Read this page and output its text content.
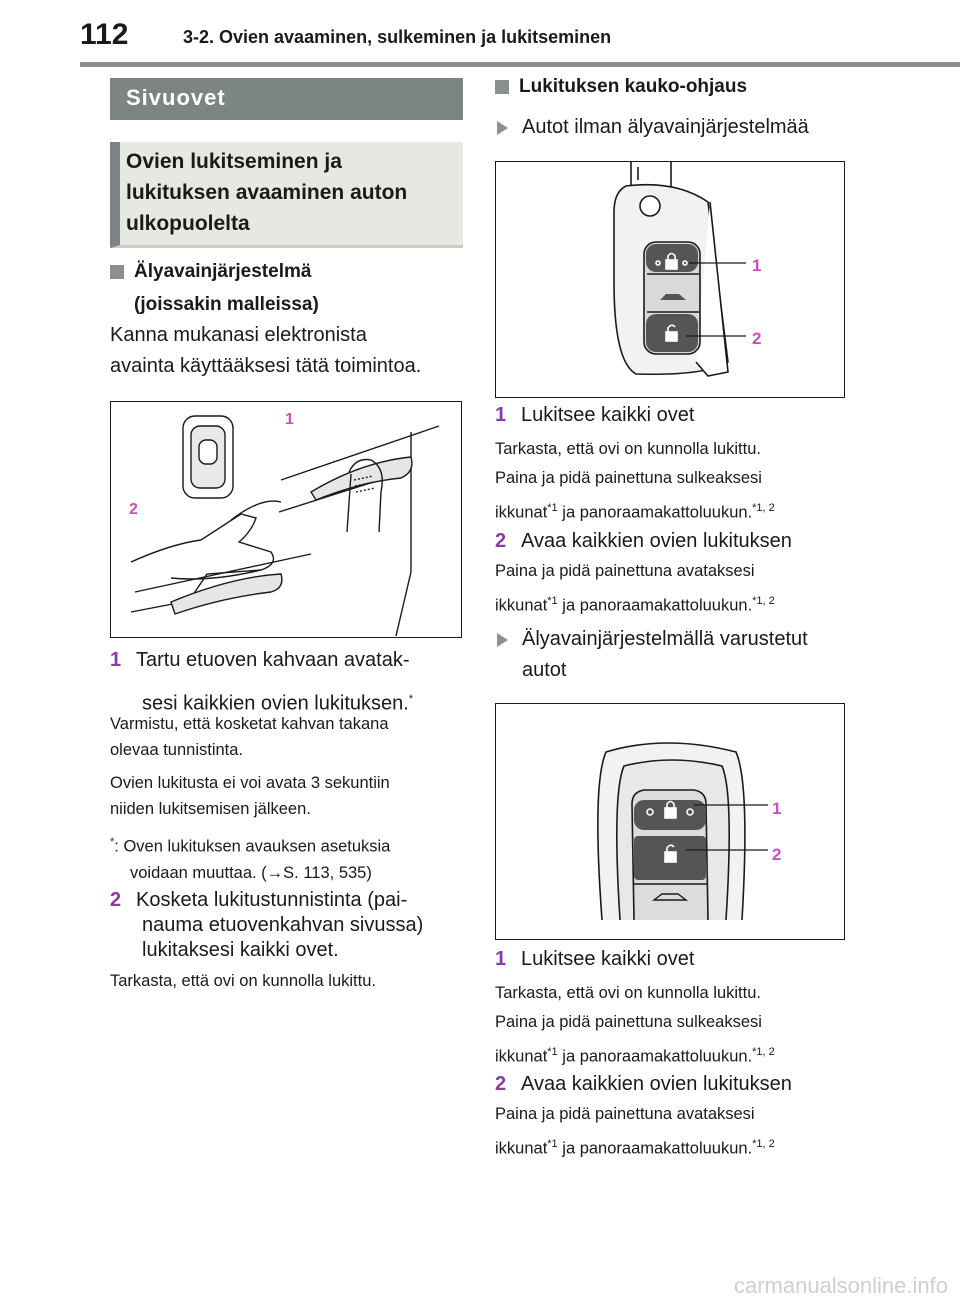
112	3-2. Ovien avaaminen, sulkeminen ja lukitseminen
Sivuovet
Ovien lukitseminen ja
lukituksen avaaminen auton
ulkopuolelta
Älyavainjärjestelmä
(joissakin malleissa)
Kanna mukanasi elektronista
avainta käyttääksesi tätä toimintoa.
1
2
1 Tartu etuoven kahvaan avatak-
sesi kaikkien ovien lukituksen.*
Varmistu, että kosketat kahvan takana
olevaa tunnistinta.
Ovien lukitusta ei voi avata 3 sekuntiin
niiden lukitsemisen jälkeen.
*: Oven lukituksen avauksen asetuksia
voidaan muuttaa. (→S. 113, 535)
2 Kosketa lukitustunnistinta (pai-
nauma etuovenkahvan sivussa)
lukitaksesi kaikki ovet.
Tarkasta, että ovi on kunnolla lukittu.
Lukituksen kauko-ohjaus
Autot ilman älyavainjärjestelmää
1
2
1 Lukitsee kaikki ovet
Tarkasta, että ovi on kunnolla lukittu.
Paina ja pidä painettuna sulkeaksesi
ikkunat$^{*1}$ ja panoraamakattoluukun.$^{*1, 2}$
2 Avaa kaikkien ovien lukituksen
Paina ja pidä painettuna avataksesi
ikkunat$^{*1}$ ja panoraamakattoluukun.$^{*1, 2}$
Älyavainjärjestelmällä varustetut
autot
1
2
1 Lukitsee kaikki ovet
Tarkasta, että ovi on kunnolla lukittu.
Paina ja pidä painettuna sulkeaksesi
ikkunat$^{*1}$ ja panoraamakattoluukun.$^{*1, 2}$
2 Avaa kaikkien ovien lukituksen
Paina ja pidä painettuna avataksesi
ikkunat$^{*1}$ ja panoraamakattoluukun.$^{*1, 2}$
carmanualsonline.info
